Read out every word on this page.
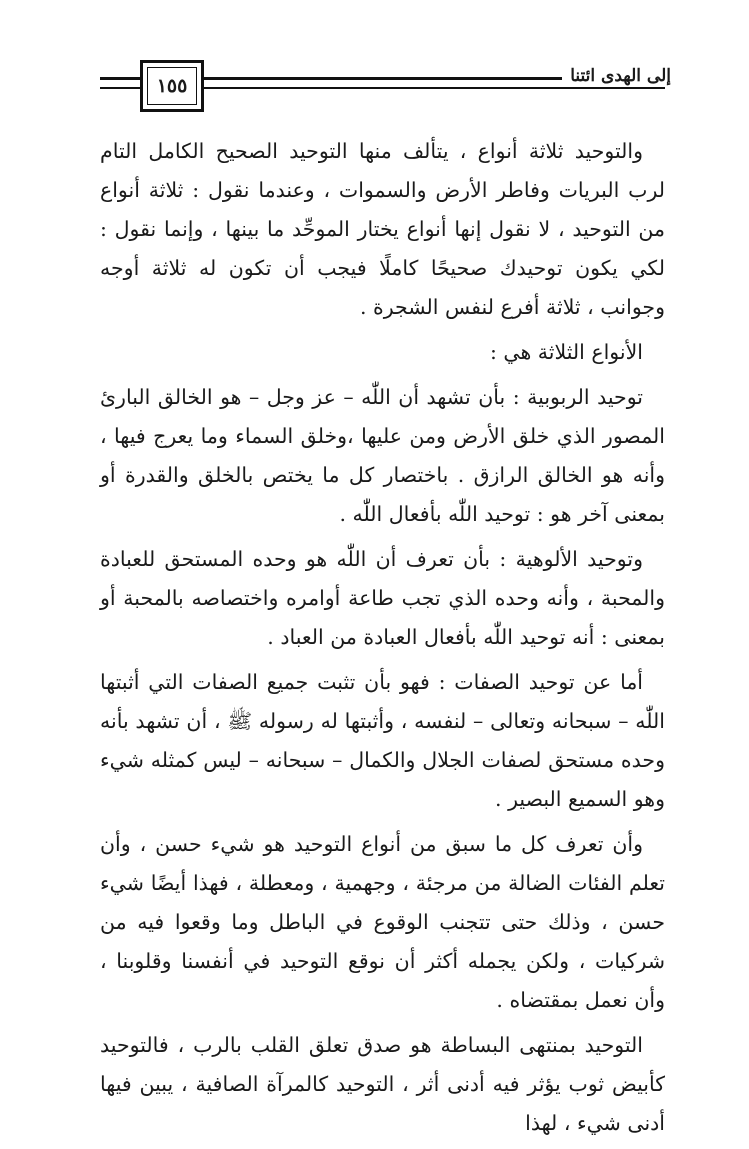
١٥٥	إلى الهدى ائتنا

والتوحيد ثلاثة أنواع ، يتألف منها التوحيد الصحيح الكامل التام لرب البريات وفاطر الأرض والسموات ، وعندما نقول : ثلاثة أنواع من التوحيد ، لا نقول إنها أنواع يختار الموحِّد ما بينها ، وإنما نقول : لكي يكون توحيدك صحيحًا كاملًا فيجب أن تكون له ثلاثة أوجه وجوانب ، ثلاثة أفرع لنفس الشجرة .

الأنواع الثلاثة هي :

توحيد الربوبية : بأن تشهد أن اللّٰه – عز وجل – هو الخالق البارئ المصور الذي خلق الأرض ومن عليها ،وخلق السماء وما يعرج فيها ، وأنه هو الخالق الرازق . باختصار كل ما يختص بالخلق والقدرة أو بمعنى آخر هو : توحيد اللّٰه بأفعال اللّٰه .

وتوحيد الألوهية : بأن تعرف أن اللّٰه هو وحده المستحق للعبادة والمحبة ، وأنه وحده الذي تجب طاعة أوامره واختصاصه بالمحبة أو بمعنى : أنه توحيد اللّٰه بأفعال العبادة من العباد .

أما عن توحيد الصفات : فهو بأن تثبت جميع الصفات التي أثبتها اللّٰه – سبحانه وتعالى – لنفسه ، وأثبتها له رسوله ﷺ ، أن تشهد بأنه وحده مستحق لصفات الجلال والكمال – سبحانه – ليس كمثله شيء وهو السميع البصير .

وأن تعرف كل ما سبق من أنواع التوحيد هو شيء حسن ، وأن تعلم الفئات الضالة من مرجئة ، وجهمية ، ومعطلة ، فهذا أيضًا شيء حسن ، وذلك حتى تتجنب الوقوع في الباطل وما وقعوا فيه من شركيات ، ولكن يجمله أكثر أن نوقع التوحيد في أنفسنا وقلوبنا ، وأن نعمل بمقتضاه .

التوحيد بمنتهى البساطة هو صدق تعلق القلب بالرب ، فالتوحيد كأبيض ثوب يؤثر فيه أدنى أثر ، التوحيد كالمرآة الصافية ، يبين فيها أدنى شيء ، لهذا
